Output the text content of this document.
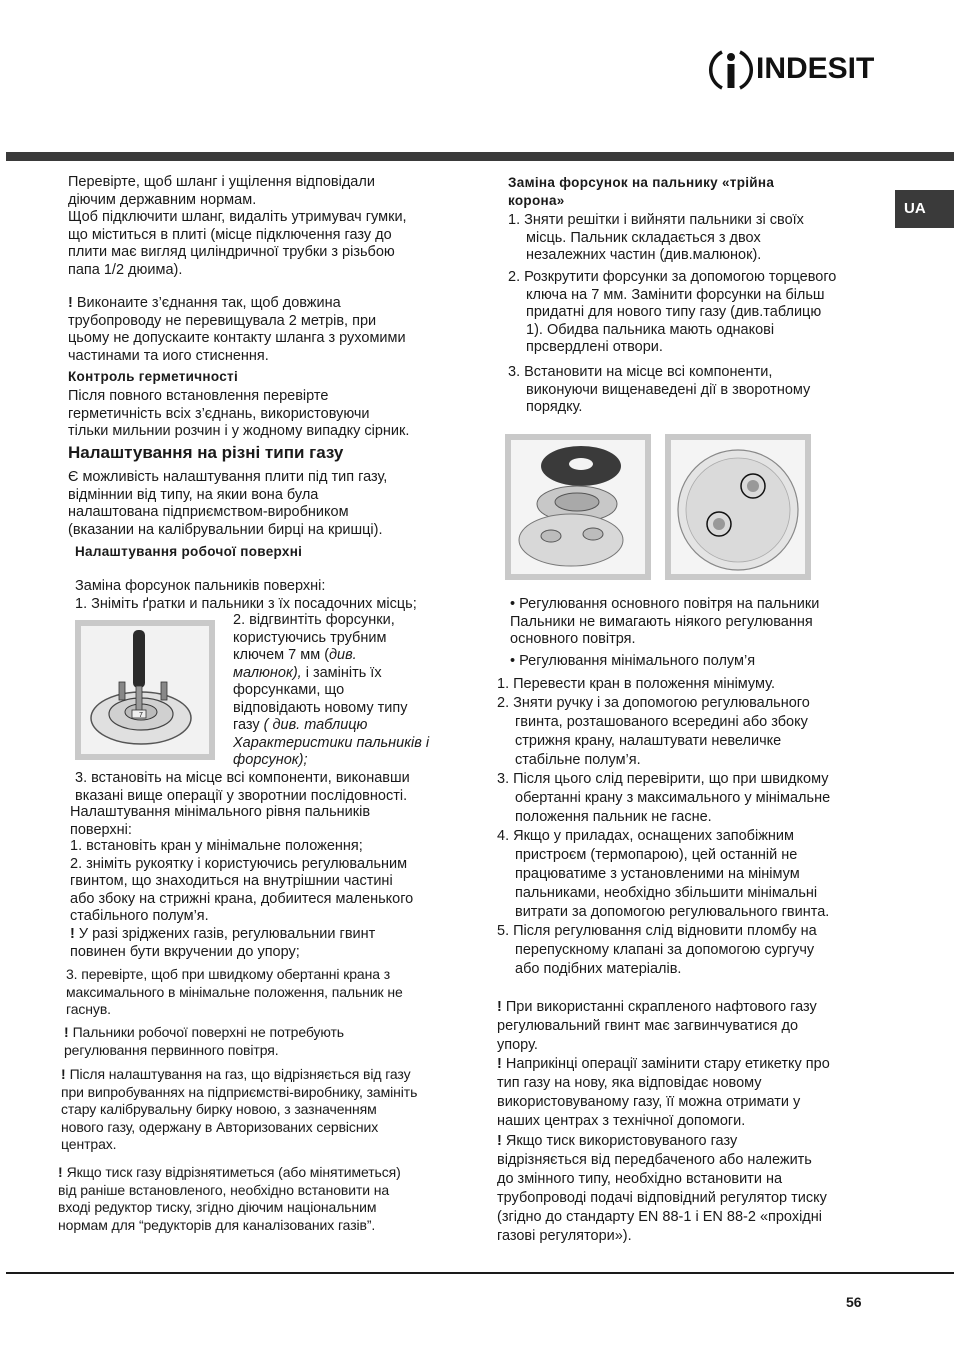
INDESIT
UA
Перевірте, щоб шланг і ущілення відповідали
діючим державним нормам.
Щоб підключити шланг, видаліть утримувач гумки,
що міститься в плиті (місце підключення газу до
плити має вигляд циліндричної трубки з різьбою
папа 1/2 дюима).
! Виконаите з’єднання так, щоб довжина
трубопроводу не перевищувала 2 метрів, при
цьому не допускаите контакту шланга з рухомими
частинами та иого стиснення.
Контроль герметичності
Після повного встановлення перевірте
герметичність всіх з’єднань, використовуючи
тільки мильнии розчин і у жодному випадку сірник.
Налаштування на різні типи газу
Є можливість налаштування плити під тип газу,
відміннии від типу, на якии вона була
налаштована підприємством-виробником
(вказании на калібрувальнии бирці на кришці).
Налаштування робочої поверхні
Заміна форсунок пальників поверхні:
1. Зніміть ґратки и пальники з їх посадочних місць;
7
2. відгвинтіть форсунки,
користуючись трубним
ключем 7 мм (див.
малюнок), і замініть їх
форсунками, що
відповідають новому типу
газу ( див. таблицю
Характеристики пальників і
форсунок);
3. встановіть на місце всі компоненти, виконавши
вказані вище операції у зворотнии послідовності.
Налаштування мінімального рівня пальників
поверхні:
1. встановіть кран у мінімальне положення;
2. зніміть рукоятку і користуючись регулювальним
гвинтом, що знаходиться на внутрішнии частині
або збоку на стрижні крана, добиитеся маленького
стабільного полум’я.
! У разі зріджених газів, регулювальнии гвинт
повинен бути вкручении до упору;
3. перевірте, щоб при швидкому обертанні крана з
максимального в мінімальне положення, пальник не
гаснув.
! Пальники робочої поверхні не потребують
регулювання первинного повітря.
! Після налаштування на газ, що відрізняється від газу
при випробуваннях на підприємстві-виробнику, замініть
стару калібрувальну бирку новою, з зазначенням
нового газу, одержану в Авторизованих сервісних
центрах.
! Якщо тиск газу відрізнятиметься (або мінятиметься)
від раніше встановленого, необхідно встановити на
вході редуктор тиску, згідно діючим національним
нормам для “редукторів для каналізованих газів”.
Заміна форсунок на пальнику «трійна
корона»
1. Зняти решітки і вийняти пальники зі своїх
місць. Пальник складається з двох
незалежних частин (див.малюнок).
2. Розкрутити форсунки за допомогою торцевого
ключа на 7 мм. Замінити форсунки на більш
придатні для нового типу газу (див.таблицю
1). Обидва пальника мають однакові
прсвердлені отвори.
3. Встановити на місце всі компоненти,
виконуючи вищенаведені дії в зворотному
порядку.
• Регулювання основного повітря на пальники
Пальники не вимагають ніякого регулювання
основного повітря.
• Регулювання мінімального полум’я
1. Перевести кран в положення мінімуму.
2. Зняти ручку і за допомогою регулювального
гвинта, розташованого всередині або збоку
стрижня крану, налаштувати невеличке
стабільне полум’я.
3. Після цього слід перевірити, що при швидкому
обертанні крану з максимального у мінімальне
положення пальник не гасне.
4. Якщо у приладах, оснащених запобіжним
пристроєм (термопарою), цей останній не
працюватиме з установленими на мінімум
пальниками, необхідно збільшити мінімальні
витрати за допомогою регулювального гвинта.
5. Після регулювання слід відновити пломбу на
перепускному клапані за допомогою сургучу
або подібних матеріалів.
! При використанні скрапленого нафтового газу
регулювальний гвинт має загвинчуватися до
упору.
! Наприкінці операції замінити стару етикетку про
тип газу на нову, яка відповідає новому
використовуваному газу, її можна отримати у
наших центрах з технічної допомоги.
! Якщо тиск використовуваного газу
відрізняється від передбаченого або належить
до змінного типу, необхідно встановити на
трубопроводі подачі відповідний регулятор тиску
(згідно до стандарту EN 88-1 і EN 88-2 «прохідні
газові регулятори»).
56
